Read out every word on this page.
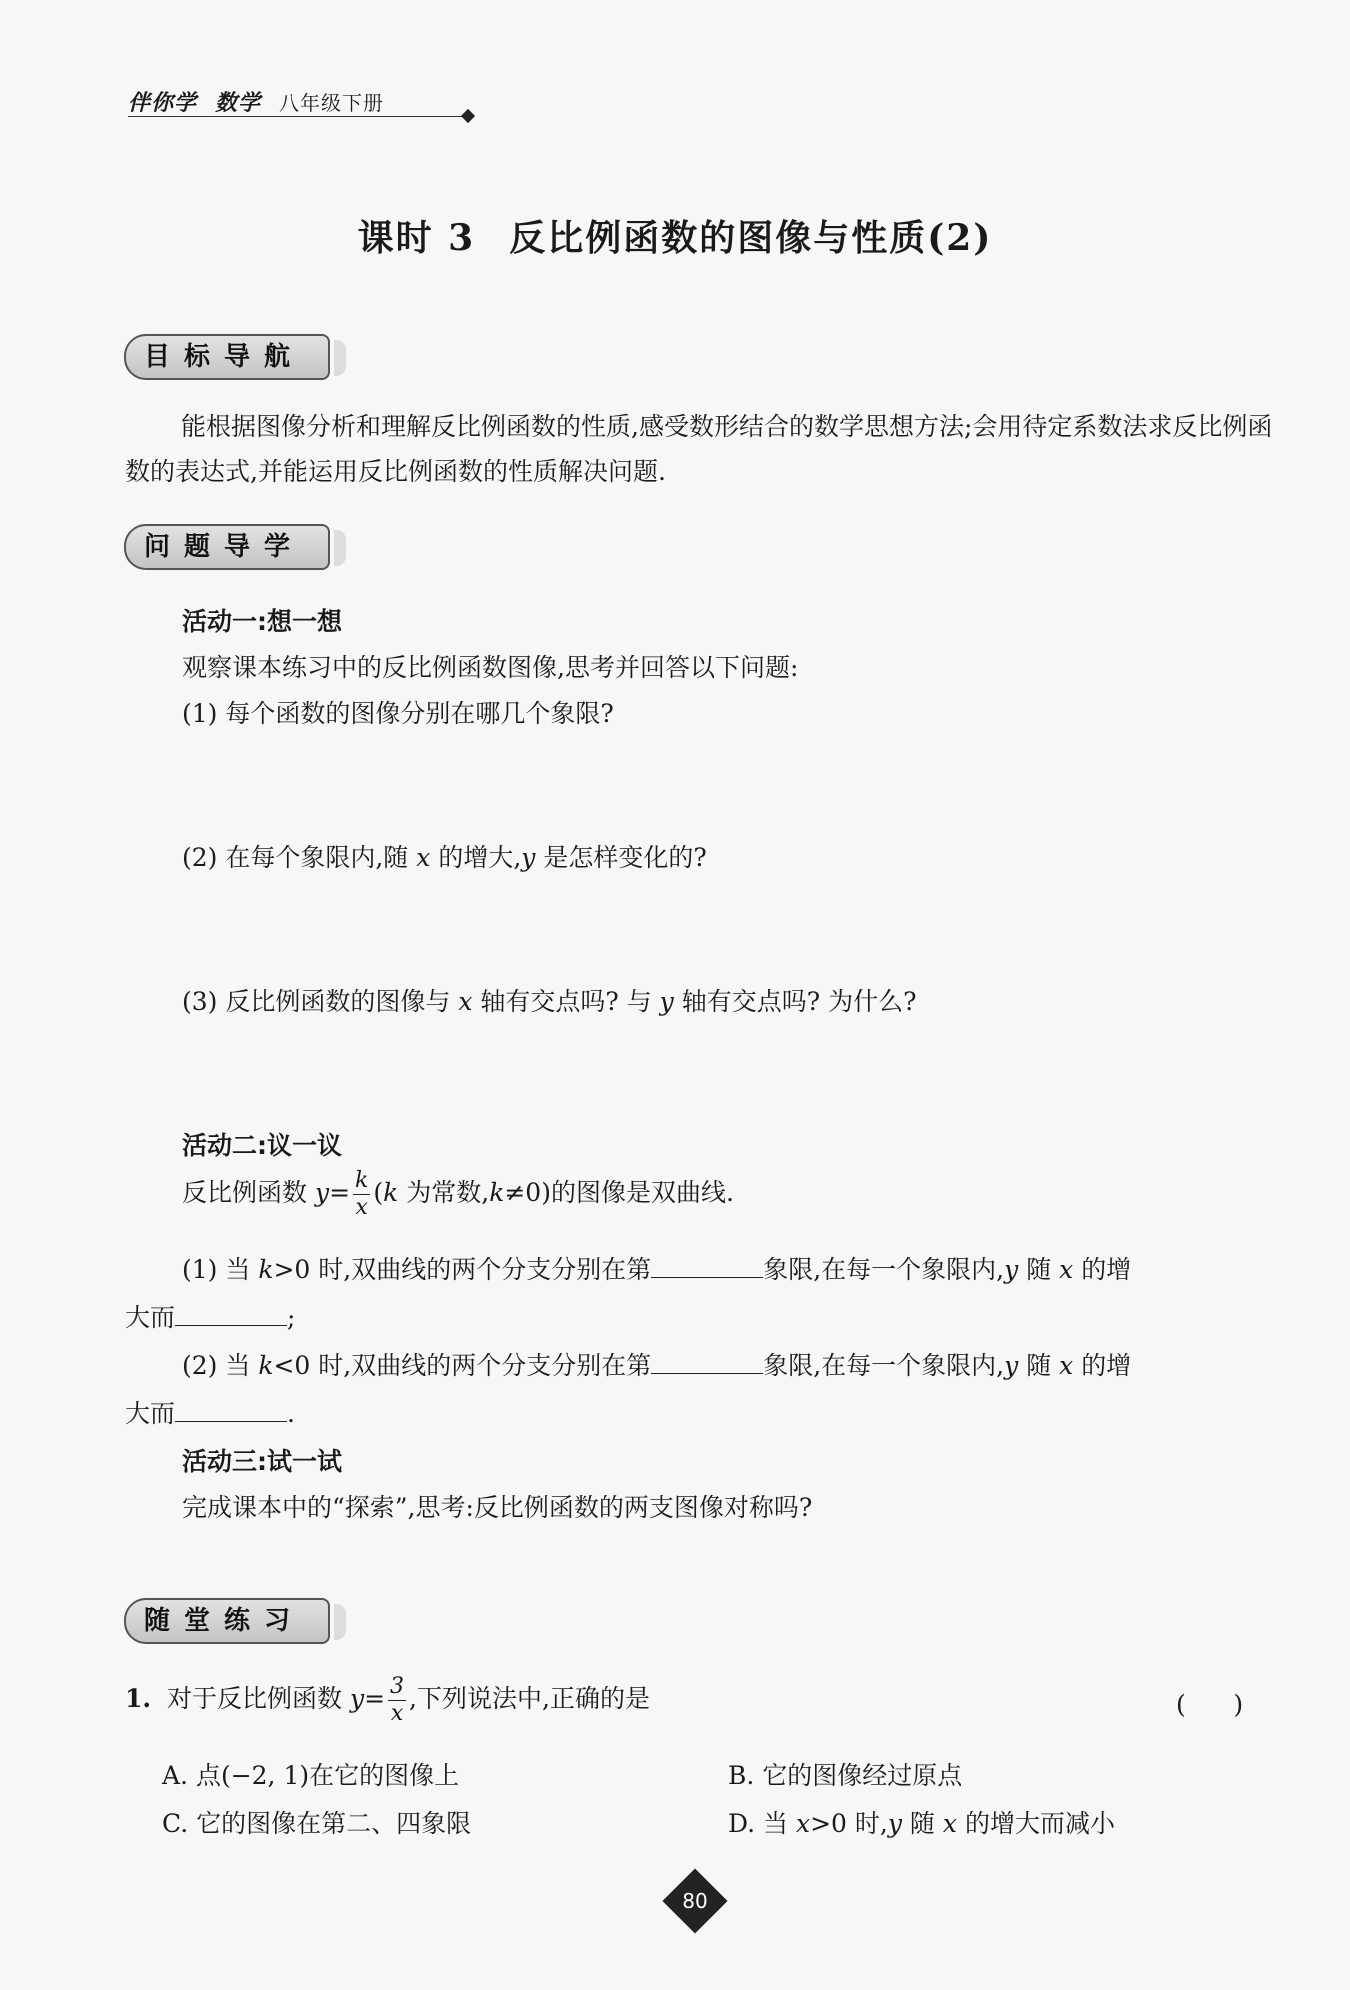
伴你学 数学 八年级下册
课时 3 反比例函数的图像与性质(2)
目标导航
能根据图像分析和理解反比例函数的性质,感受数形结合的数学思想方法;会用待定系数法求反比例函数的表达式,并能运用反比例函数的性质解决问题.
问题导学
活动一:想一想
观察课本练习中的反比例函数图像,思考并回答以下问题:
(1) 每个函数的图像分别在哪几个象限?
(2) 在每个象限内,随 x 的增大,y 是怎样变化的?
(3) 反比例函数的图像与 x 轴有交点吗? 与 y 轴有交点吗? 为什么?
活动二:议一议
反比例函数 $y= \frac{k}{x} (k$ 为常数,k≠0)的图像是双曲线.
(1) 当 k>0 时,双曲线的两个分支分别在第	象限,在每一个象限内,y 随 x 的增
大而	;
(2) 当 k<0 时,双曲线的两个分支分别在第	象限,在每一个象限内,y 随 x 的增
大而	.
活动三:试一试
完成课本中的“探索”,思考:反比例函数的两支图像对称吗?
随堂练习
1. 对于反比例函数 $y= \frac{3}{x}$ ,下列说法中,正确的是	(      )
A. 点(−2, 1)在它的图像上	B. 它的图像经过原点
C. 它的图像在第二、四象限	D. 当 x>0 时,y 随 x 的增大而减小
80
